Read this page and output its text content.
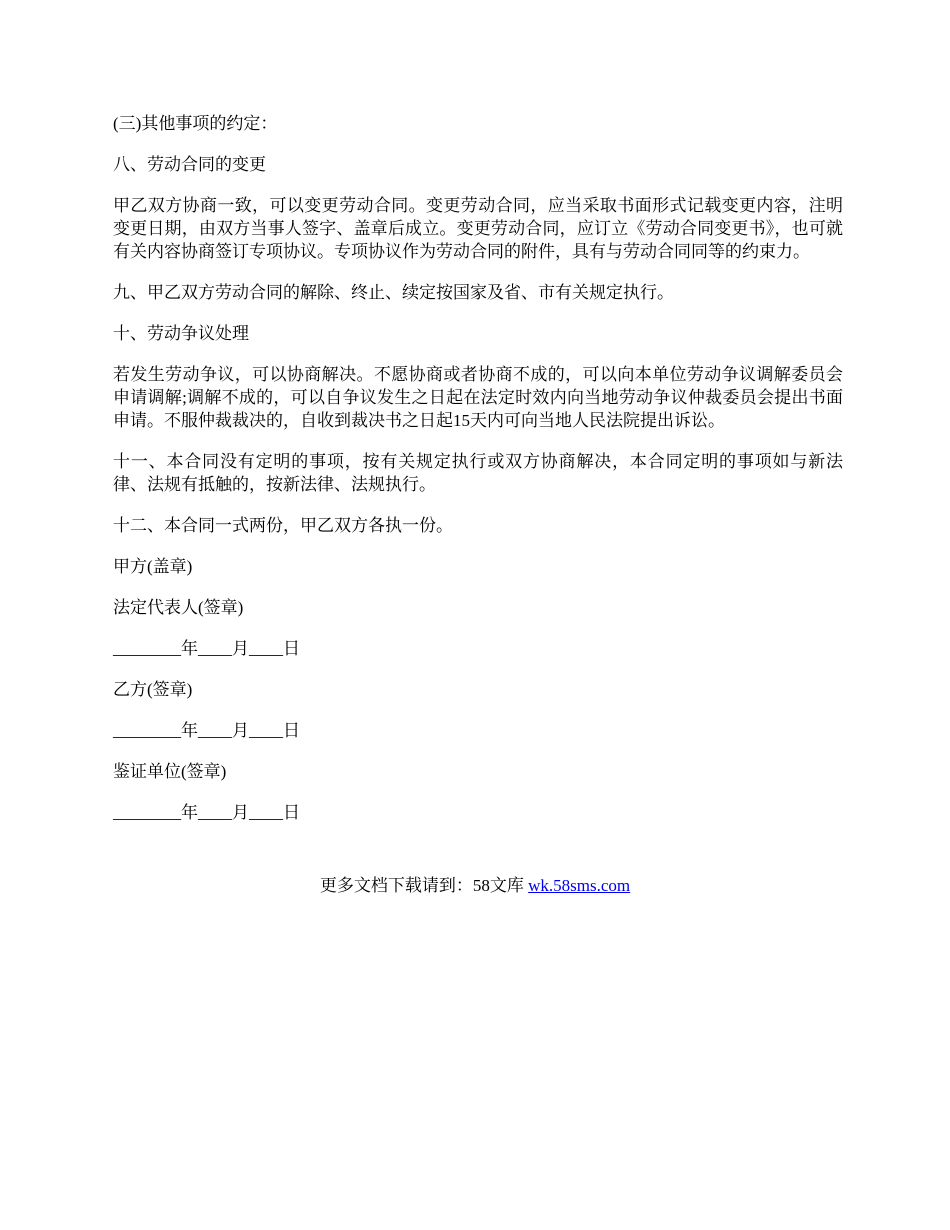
(三)其他事项的约定：

八、劳动合同的变更

甲乙双方协商一致，可以变更劳动合同。变更劳动合同，应当采取书面形式记载变更内容，注明变更日期，由双方当事人签字、盖章后成立。变更劳动合同，应订立《劳动合同变更书》，也可就有关内容协商签订专项协议。专项协议作为劳动合同的附件，具有与劳动合同同等的约束力。

九、甲乙双方劳动合同的解除、终止、续定按国家及省、市有关规定执行。

十、劳动争议处理

若发生劳动争议，可以协商解决。不愿协商或者协商不成的，可以向本单位劳动争议调解委员会申请调解;调解不成的，可以自争议发生之日起在法定时效内向当地劳动争议仲裁委员会提出书面申请。不服仲裁裁决的，自收到裁决书之日起15天内可向当地人民法院提出诉讼。

十一、本合同没有定明的事项，按有关规定执行或双方协商解决，本合同定明的事项如与新法律、法规有抵触的，按新法律、法规执行。

十二、本合同一式两份，甲乙双方各执一份。

甲方(盖章)

法定代表人(签章)

________年____月____日

乙方(签章)

________年____月____日

鉴证单位(签章)

________年____月____日

更多文档下载请到：58文库 wk.58sms.com
